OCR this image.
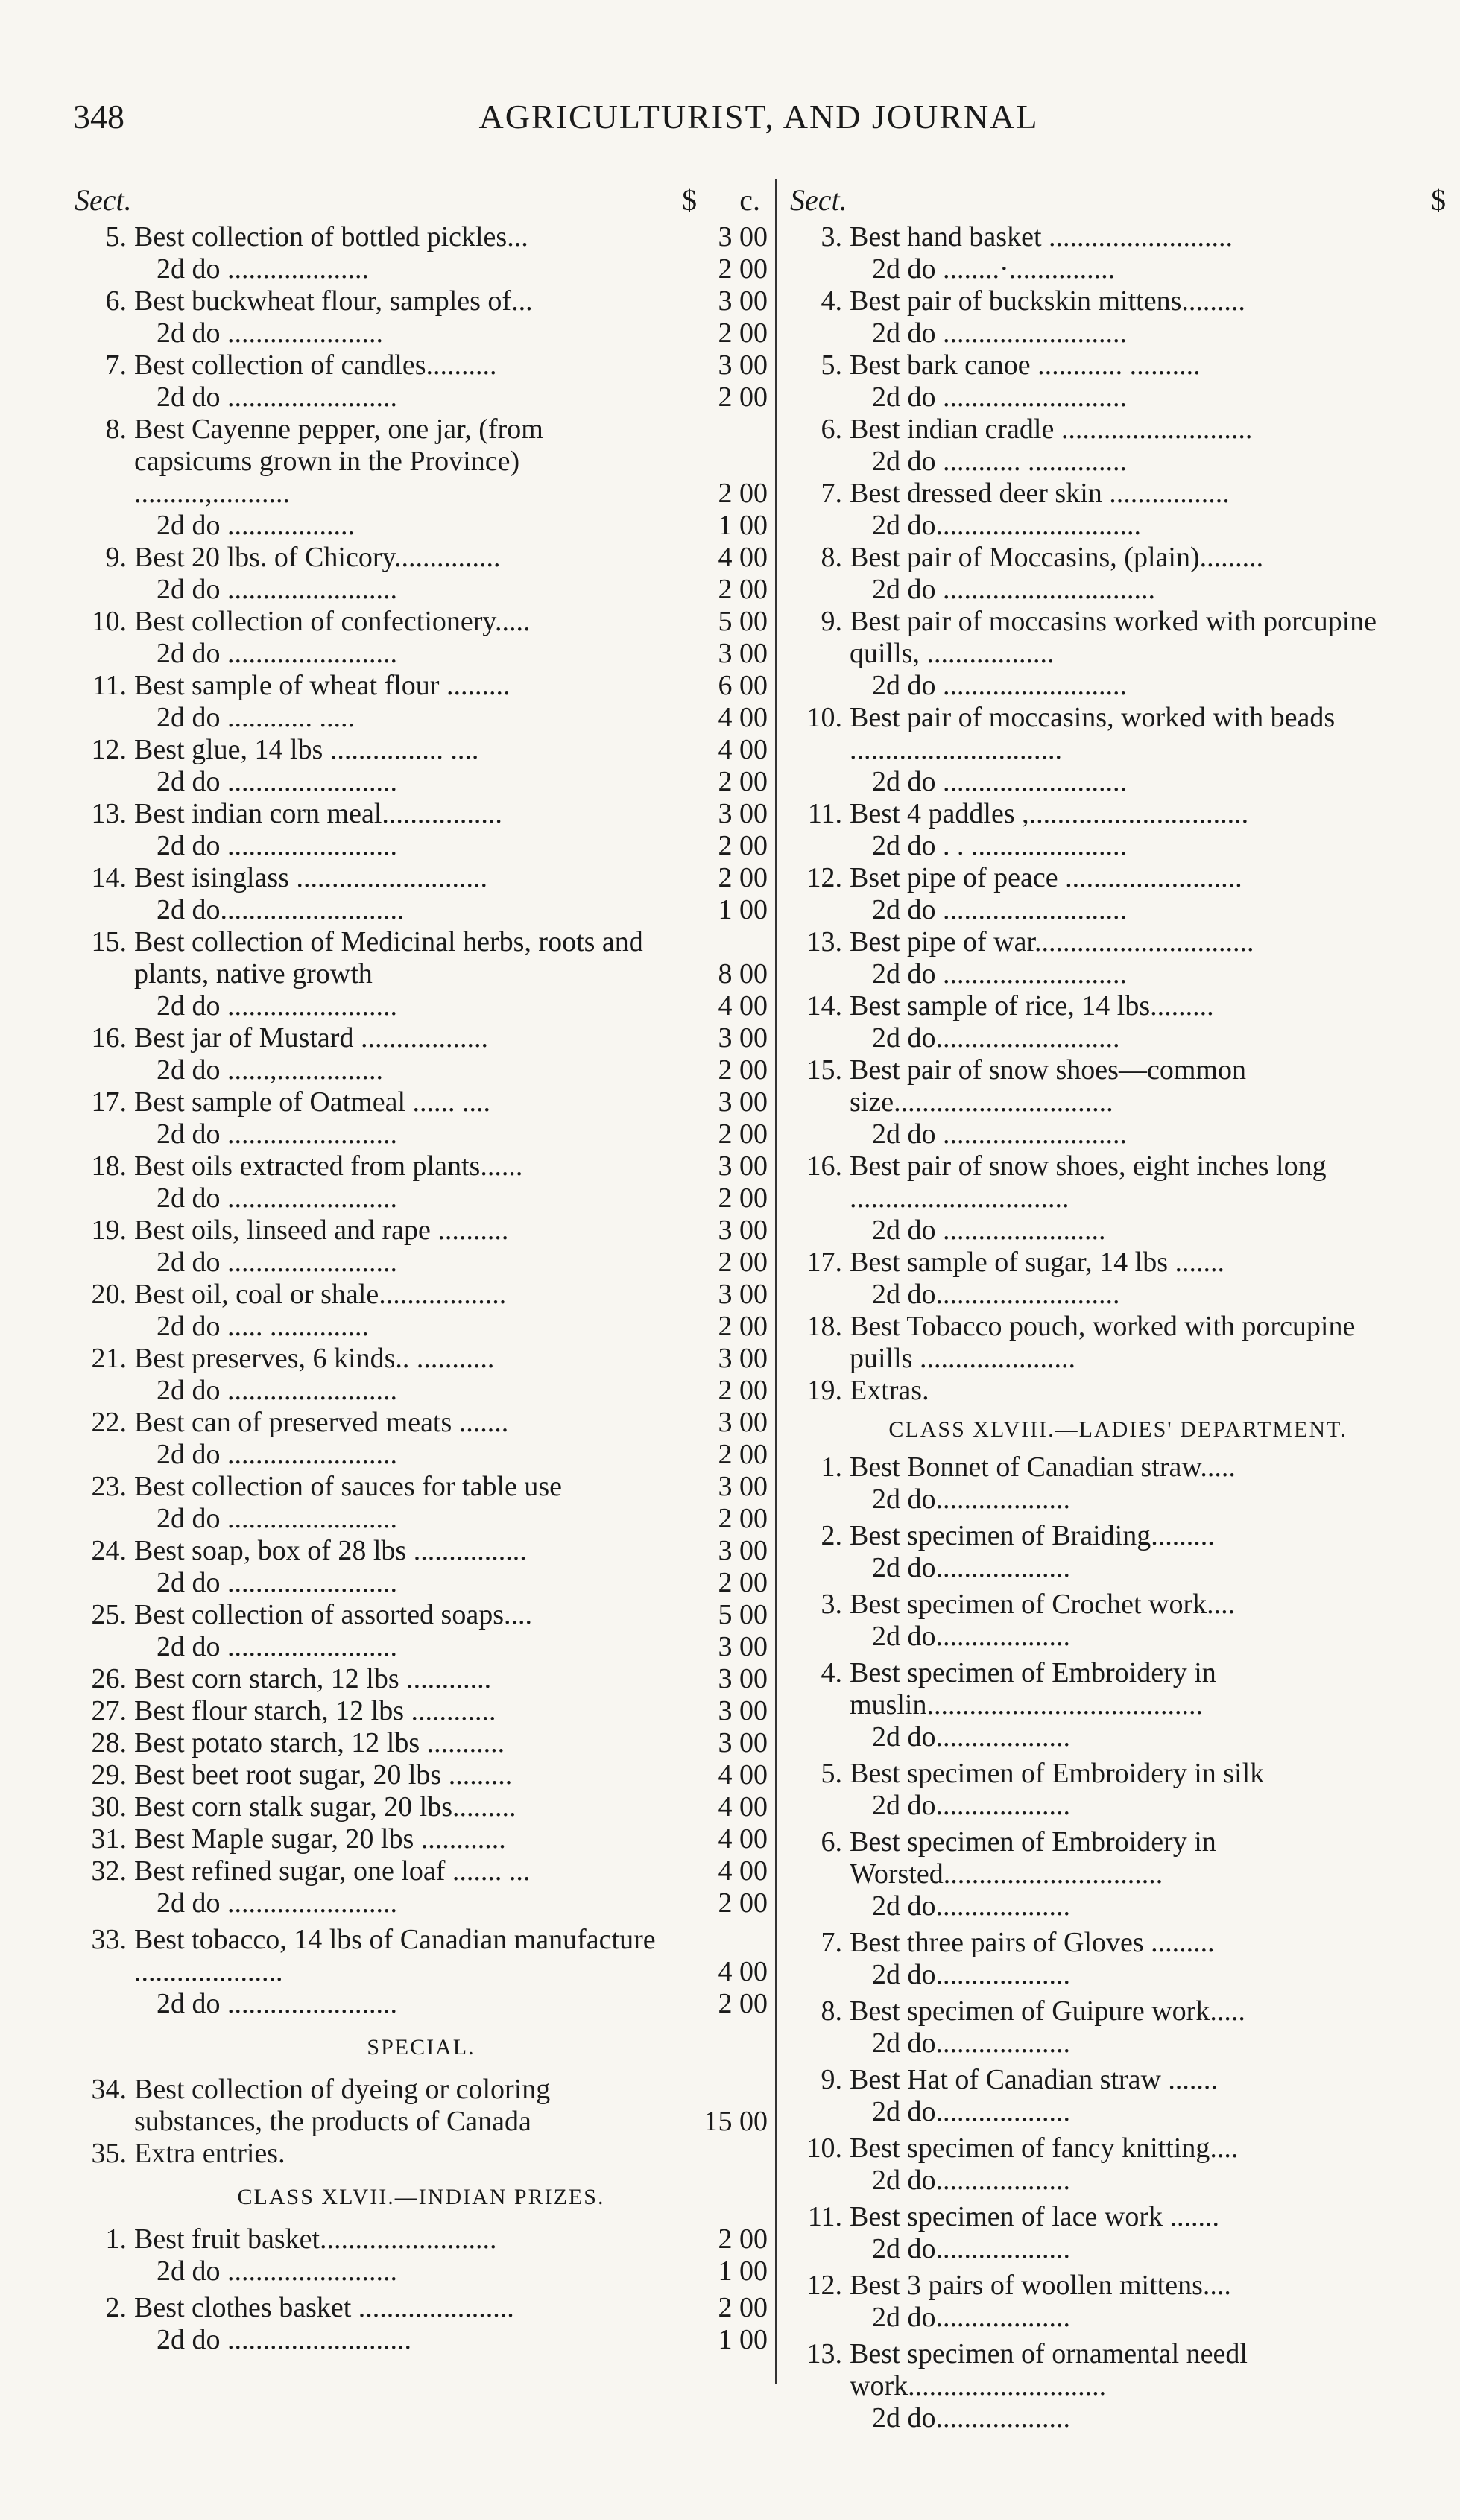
348	AGRICULTURIST, AND JOURNAL
Sect.	$ c.
5. Best collection of bottled pickles...	3 00
2d do ....................	2 00
6. Best buckwheat flour, samples of...	3 00
2d do ......................	2 00
7. Best collection of candles..........	3 00
2d do ........................	2 00
8. Best Cayenne pepper, one jar, (from capsicums grown in the Province) ..........,...........	2 00
2d do ..................	1 00
9. Best 20 lbs. of Chicory...............	4 00
2d do ........................	2 00
10. Best collection of confectionery.....	5 00
2d do ........................	3 00
11. Best sample of wheat flour .........	6 00
2d do ............ .....	4 00
12. Best glue, 14 lbs ................ ....	4 00
2d do ........................	2 00
13. Best indian corn meal.................	3 00
2d do ........................	2 00
14. Best isinglass ...........................	2 00
2d do..........................	1 00
15. Best collection of Medicinal herbs, roots and plants, native growth	8 00
2d do ........................	4 00
16. Best jar of Mustard ..................	3 00
2d do ......,...............	2 00
17. Best sample of Oatmeal ...... ....	3 00
2d do ........................	2 00
18. Best oils extracted from plants......	3 00
2d do ........................	2 00
19. Best oils, linseed and rape ..........	3 00
2d do ........................	2 00
20. Best oil, coal or shale..................	3 00
2d do ..... ..............	2 00
21. Best preserves, 6 kinds.. ...........	3 00
2d do ........................	2 00
22. Best can of preserved meats .......	3 00
2d do ........................	2 00
23. Best collection of sauces for table use	3 00
2d do ........................	2 00
24. Best soap, box of 28 lbs ................	3 00
2d do ........................	2 00
25. Best collection of assorted soaps....	5 00
2d do ........................	3 00
26. Best corn starch, 12 lbs ............	3 00
27. Best flour starch, 12 lbs ............	3 00
28. Best potato starch, 12 lbs ...........	3 00
29. Best beet root sugar, 20 lbs .........	4 00
30. Best corn stalk sugar, 20 lbs.........	4 00
31. Best Maple sugar, 20 lbs ............	4 00
32. Best refined sugar, one loaf ....... ...	4 00
2d do ........................	2 00
33. Best tobacco, 14 lbs of Canadian manufacture .....................	4 00
2d do ........................	2 00
SPECIAL.
34. Best collection of dyeing or coloring substances, the products of Canada	15 00
35. Extra entries.
CLASS XLVII.—INDIAN PRIZES.
1. Best fruit basket.........................	2 00
2d do ........................	1 00
2. Best clothes basket ......................	2 00
2d do ..........................	1 00
Sect.	$
3. Best hand basket ..........................
2d do ........·...............
4. Best pair of buckskin mittens.........
2d do ..........................
5. Best bark canoe ............ ..........
2d do ..........................
6. Best indian cradle ...........................
2d do ........... ..............
7. Best dressed deer skin .................
2d do.............................
8. Best pair of Moccasins, (plain).........
2d do ..............................
9. Best pair of moccasins worked with porcupine quills, ..................
2d do ..........................
10. Best pair of moccasins, worked with beads ..............................
2d do ..........................
11. Best 4 paddles ,...............................
2d do . . ......................
12. Bset pipe of peace .........................
2d do ..........................
13. Best pipe of war...............................
2d do ..........................
14. Best sample of rice, 14 lbs.........
2d do..........................
15. Best pair of snow shoes—common size...............................
2d do ..........................
16. Best pair of snow shoes, eight inches long ...............................
2d do .......................
17. Best sample of sugar, 14 lbs .......
2d do..........................
18. Best Tobacco pouch, worked with porcupine puills ......................
19. Extras.
CLASS XLVIII.—LADIES' DEPARTMENT.
1. Best Bonnet of Canadian straw.....
2d do...................
2. Best specimen of Braiding.........
2d do...................
3. Best specimen of Crochet work....
2d do...................
4. Best specimen of Embroidery in muslin.......................................
2d do...................
5. Best specimen of Embroidery in silk
2d do...................
6. Best specimen of Embroidery in Worsted...............................
2d do...................
7. Best three pairs of Gloves .........
2d do...................
8. Best specimen of Guipure work.....
2d do...................
9. Best Hat of Canadian straw .......
2d do...................
10. Best specimen of fancy knitting....
2d do...................
11. Best specimen of lace work .......
2d do...................
12. Best 3 pairs of woollen mittens....
2d do...................
13. Best specimen of ornamental needl work............................
2d do...................
